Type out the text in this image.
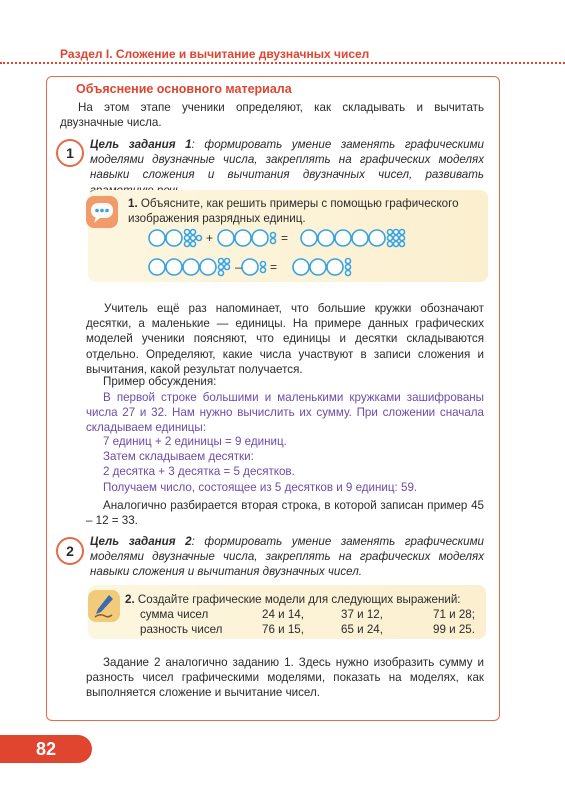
Раздел I. Сложение и вычитание двузначных чисел
Объяснение основного материала
На этом этапе ученики определяют, как складывать и вычитать двузначные числа.
1
Цель задания 1: формировать умение заменять графическими моделями двузначные числа, закреплять на графических моделях навыки сложения и вычитания двузначных чисел, развивать
1. Объясните, как решить примеры с помощью графического изображения разрядных единиц.
+	=
– =
Учитель ещё раз напоминает, что большие кружки обозначают десятки, а маленькие — единицы. На примере данных графических моделей ученики поясняют, что единицы и десятки складываются отдельно. Определяют, какие числа участвуют в записи сложения и вычитания, какой результат получается.
Пример обсуждения:
В первой строке большими и маленькими кружками зашифрованы числа 27 и 32. Нам нужно вычислить их сумму. При сложении сначала складываем единицы:
7 единиц + 2 единицы = 9 единиц.
Затем складываем десятки:
2 десятка + 3 десятка = 5 десятков.
Получаем число, состоящее из 5 десятков и 9 единиц: 59.
Аналогично разбирается вторая строка, в которой записан пример 45 – 12 = 33.
2
Цель задания 2: формировать умение заменять графическими моделями двузначные числа, закреплять на графических моделях навыки сложения и вычитания двузначных чисел.
2. Создайте графические модели для следующих выражений:
сумма чисел	24 и 14,	37 и 12,	71 и 28;
разность чисел	76 и 15,	65 и 24,	99 и 25.
Задание 2 аналогично заданию 1. Здесь нужно изобразить сумму и разность чисел графическими моделями, показать на моделях, как выполняется сложение и вычитание чисел.
82
